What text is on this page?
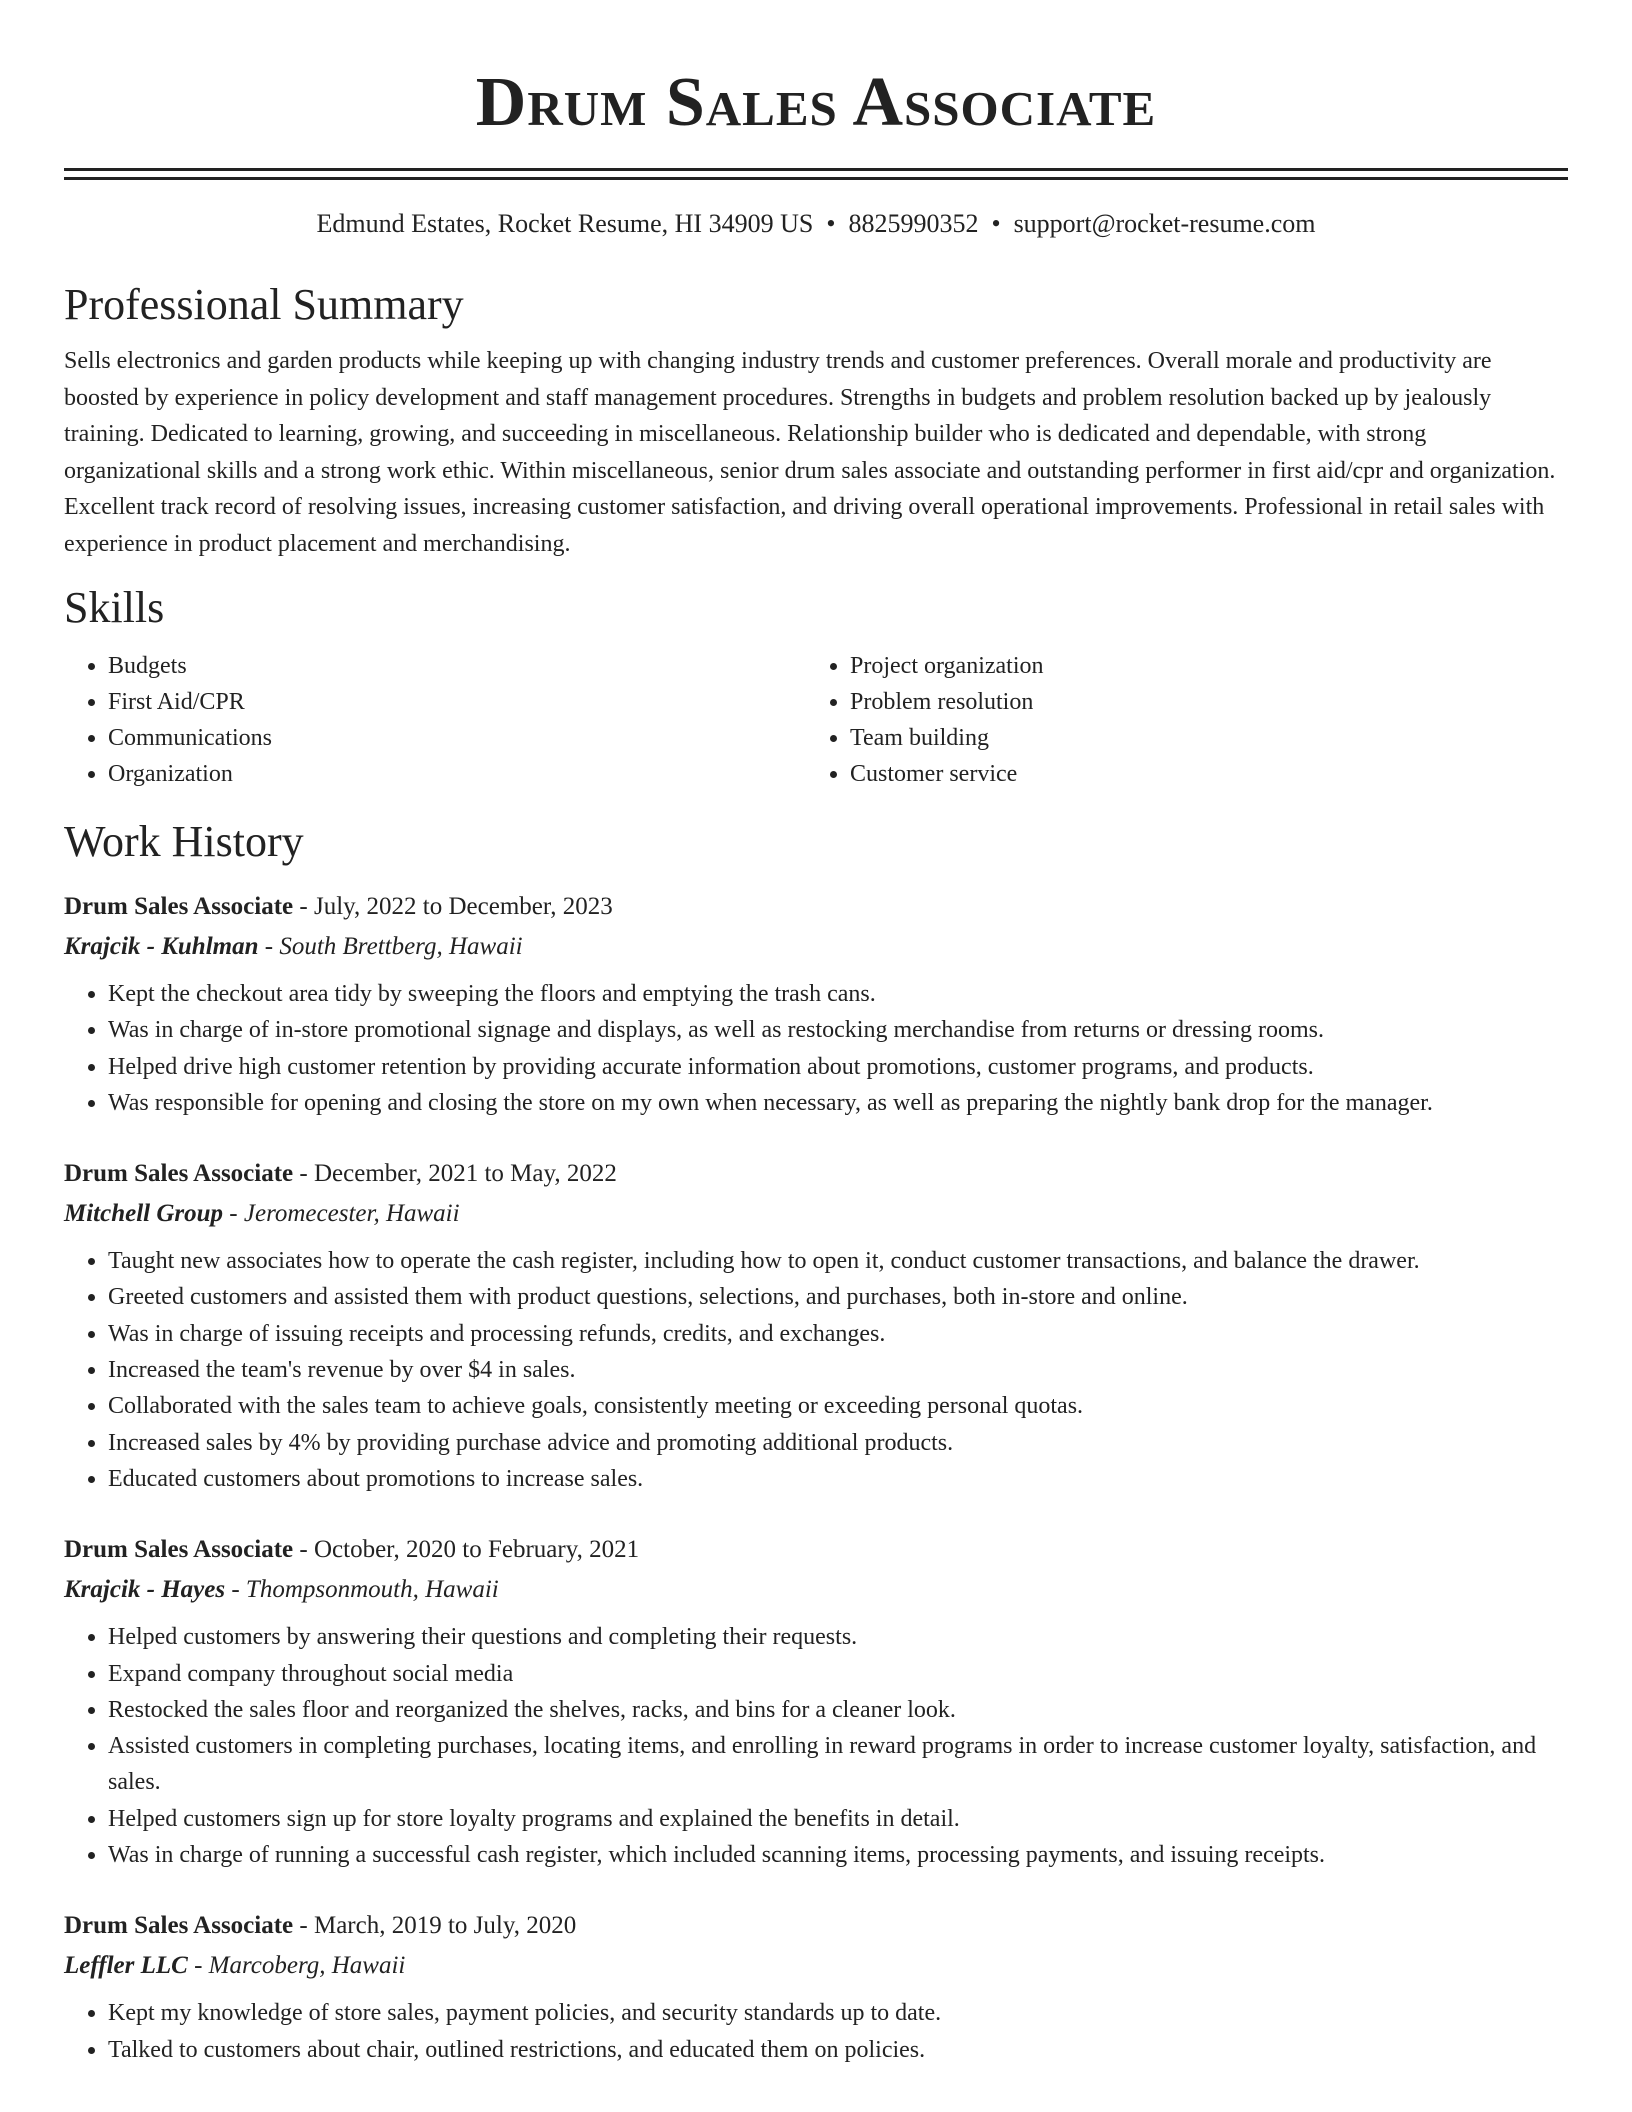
Drum Sales Associate
Edmund Estates, Rocket Resume, HI 34909 US • 8825990352 • support@rocket-resume.com
Professional Summary
Sells electronics and garden products while keeping up with changing industry trends and customer preferences. Overall morale and productivity are boosted by experience in policy development and staff management procedures. Strengths in budgets and problem resolution backed up by jealously training. Dedicated to learning, growing, and succeeding in miscellaneous. Relationship builder who is dedicated and dependable, with strong organizational skills and a strong work ethic. Within miscellaneous, senior drum sales associate and outstanding performer in first aid/cpr and organization. Excellent track record of resolving issues, increasing customer satisfaction, and driving overall operational improvements. Professional in retail sales with experience in product placement and merchandising.
Skills
• Budgets
• First Aid/CPR
• Communications
• Organization
• Project organization
• Problem resolution
• Team building
• Customer service
Work History
Drum Sales Associate - July, 2022 to December, 2023
Krajcik - Kuhlman - South Brettberg, Hawaii
• Kept the checkout area tidy by sweeping the floors and emptying the trash cans.
• Was in charge of in-store promotional signage and displays, as well as restocking merchandise from returns or dressing rooms.
• Helped drive high customer retention by providing accurate information about promotions, customer programs, and products.
• Was responsible for opening and closing the store on my own when necessary, as well as preparing the nightly bank drop for the manager.
Drum Sales Associate - December, 2021 to May, 2022
Mitchell Group - Jeromecester, Hawaii
• Taught new associates how to operate the cash register, including how to open it, conduct customer transactions, and balance the drawer.
• Greeted customers and assisted them with product questions, selections, and purchases, both in-store and online.
• Was in charge of issuing receipts and processing refunds, credits, and exchanges.
• Increased the team's revenue by over $4 in sales.
• Collaborated with the sales team to achieve goals, consistently meeting or exceeding personal quotas.
• Increased sales by 4% by providing purchase advice and promoting additional products.
• Educated customers about promotions to increase sales.
Drum Sales Associate - October, 2020 to February, 2021
Krajcik - Hayes - Thompsonmouth, Hawaii
• Helped customers by answering their questions and completing their requests.
• Expand company throughout social media
• Restocked the sales floor and reorganized the shelves, racks, and bins for a cleaner look.
• Assisted customers in completing purchases, locating items, and enrolling in reward programs in order to increase customer loyalty, satisfaction, and sales.
• Helped customers sign up for store loyalty programs and explained the benefits in detail.
• Was in charge of running a successful cash register, which included scanning items, processing payments, and issuing receipts.
Drum Sales Associate - March, 2019 to July, 2020
Leffler LLC - Marcoberg, Hawaii
• Kept my knowledge of store sales, payment policies, and security standards up to date.
• Talked to customers about chair, outlined restrictions, and educated them on policies.
